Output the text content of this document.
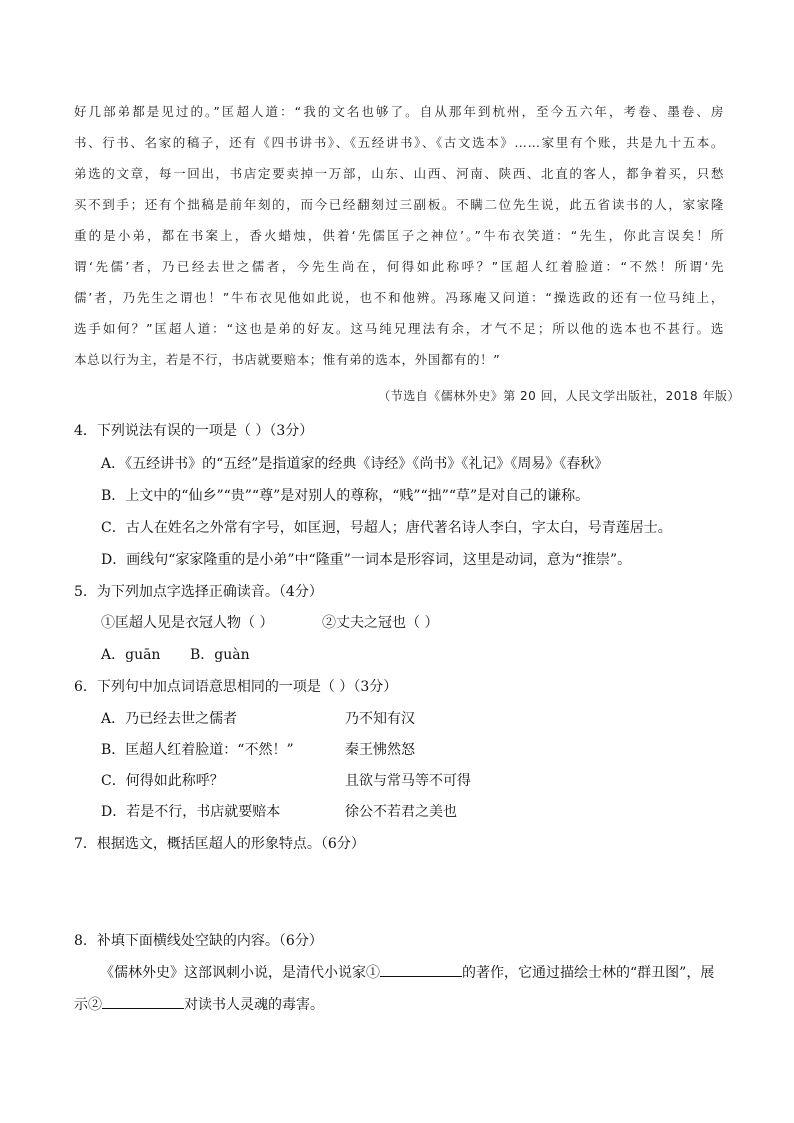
好几部弟都是见过的。”匡超人道：“我的文名也够了。自从那年到杭州，至今五六年，考卷、墨卷、房
书、行书、名家的稿子，还有《四书讲书》、《五经讲书》、《古文选本》……家里有个账，共是九十五本。
弟选的文章，每一回出，书店定要卖掉一万部，山东、山西、河南、陕西、北直的客人，都争着买，只愁
买不到手；还有个拙稿是前年刻的，而今已经翻刻过三副板。不瞒二位先生说，此五省读书的人，家家隆
重的是小弟，都在书案上，香火蜡烛，供着‘先儒匡子之神位’。”牛布衣笑道：“先生，你此言误矣！所
谓‘先儒’者，乃已经去世之儒者，今先生尚在，何得如此称呼？”匡超人红着脸道：“不然！所谓‘先
儒’者，乃先生之谓也！”牛布衣见他如此说，也不和他辨。冯琢庵又问道：“操选政的还有一位马纯上，
选手如何？”匡超人道：“这也是弟的好友。这马纯兄理法有余，才气不足；所以他的选本也不甚行。选
本总以行为主，若是不行，书店就要赔本；惟有弟的选本，外国都有的！”
（节选自《儒林外史》第 20 回，人民文学出版社，2018 年版）
4．下列说法有误的一项是（ ）（3分）
A．《五经讲书》的“五经”是指道家的经典《诗经》《尚书》《礼记》《周易》《春秋》
B．上文中的“仙乡”“贵”“尊”是对别人的尊称，“贱”“拙”“草”是对自己的谦称。
C．古人在姓名之外常有字号，如匡迥，号超人；唐代著名诗人李白，字太白，号青莲居士。
D．画线句“家家隆重的是小弟”中“隆重”一词本是形容词，这里是动词，意为“推崇”。
5．为下列加点字选择正确读音。（4分）
①匡超人见是衣冠人物（ ）	②丈夫之冠也（ ）
A．guān B．guàn
6．下列句中加点词语意思相同的一项是（ ）（3分）
A．乃已经去世之儒者	乃不知有汉
B．匡超人红着脸道：“不然！”	秦王怫然怒
C．何得如此称呼？	且欲与常马等不可得
D．若是不行，书店就要赔本	徐公不若君之美也
7．根据选文，概括匡超人的形象特点。（6分）
8．补填下面横线处空缺的内容。（6分）
《儒林外史》这部讽刺小说，是清代小说家①	的著作，它通过描绘士林的“群丑图”，展
示②	对读书人灵魂的毒害。
